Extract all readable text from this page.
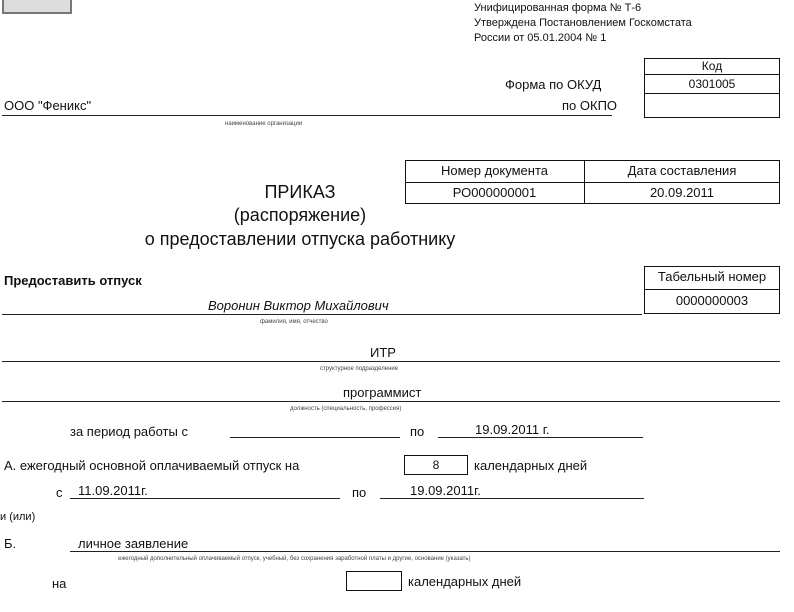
Унифицированная форма № Т-6
Утверждена Постановлением Госкомстата
России от 05.01.2004 № 1
Код
0301005
Форма по ОКУД
по ОКПО
ООО "Феникс"
наименование организации
Номер документа	Дата составления
РО000000001	20.09.2011
ПРИКАЗ
(распоряжение)
о предоставлении отпуска работнику
Предоставить отпуск	Табельный номер
0000000003
Воронин Виктор Михайлович
фамилия, имя, отчество
ИТР
структурное подразделение
программист
должность (специальность, профессия)
за период работы с	по	19.09.2011 г.
А. ежегодный основной оплачиваемый отпуск на	8	календарных дней
с 11.09.2011г.	по	19.09.2011г.
и (или)
Б.	личное заявление
ежегодный дополнительный оплачиваемый отпуск, учебный, без сохранения заработной платы и другие, основание (указать)
на	календарных дней
